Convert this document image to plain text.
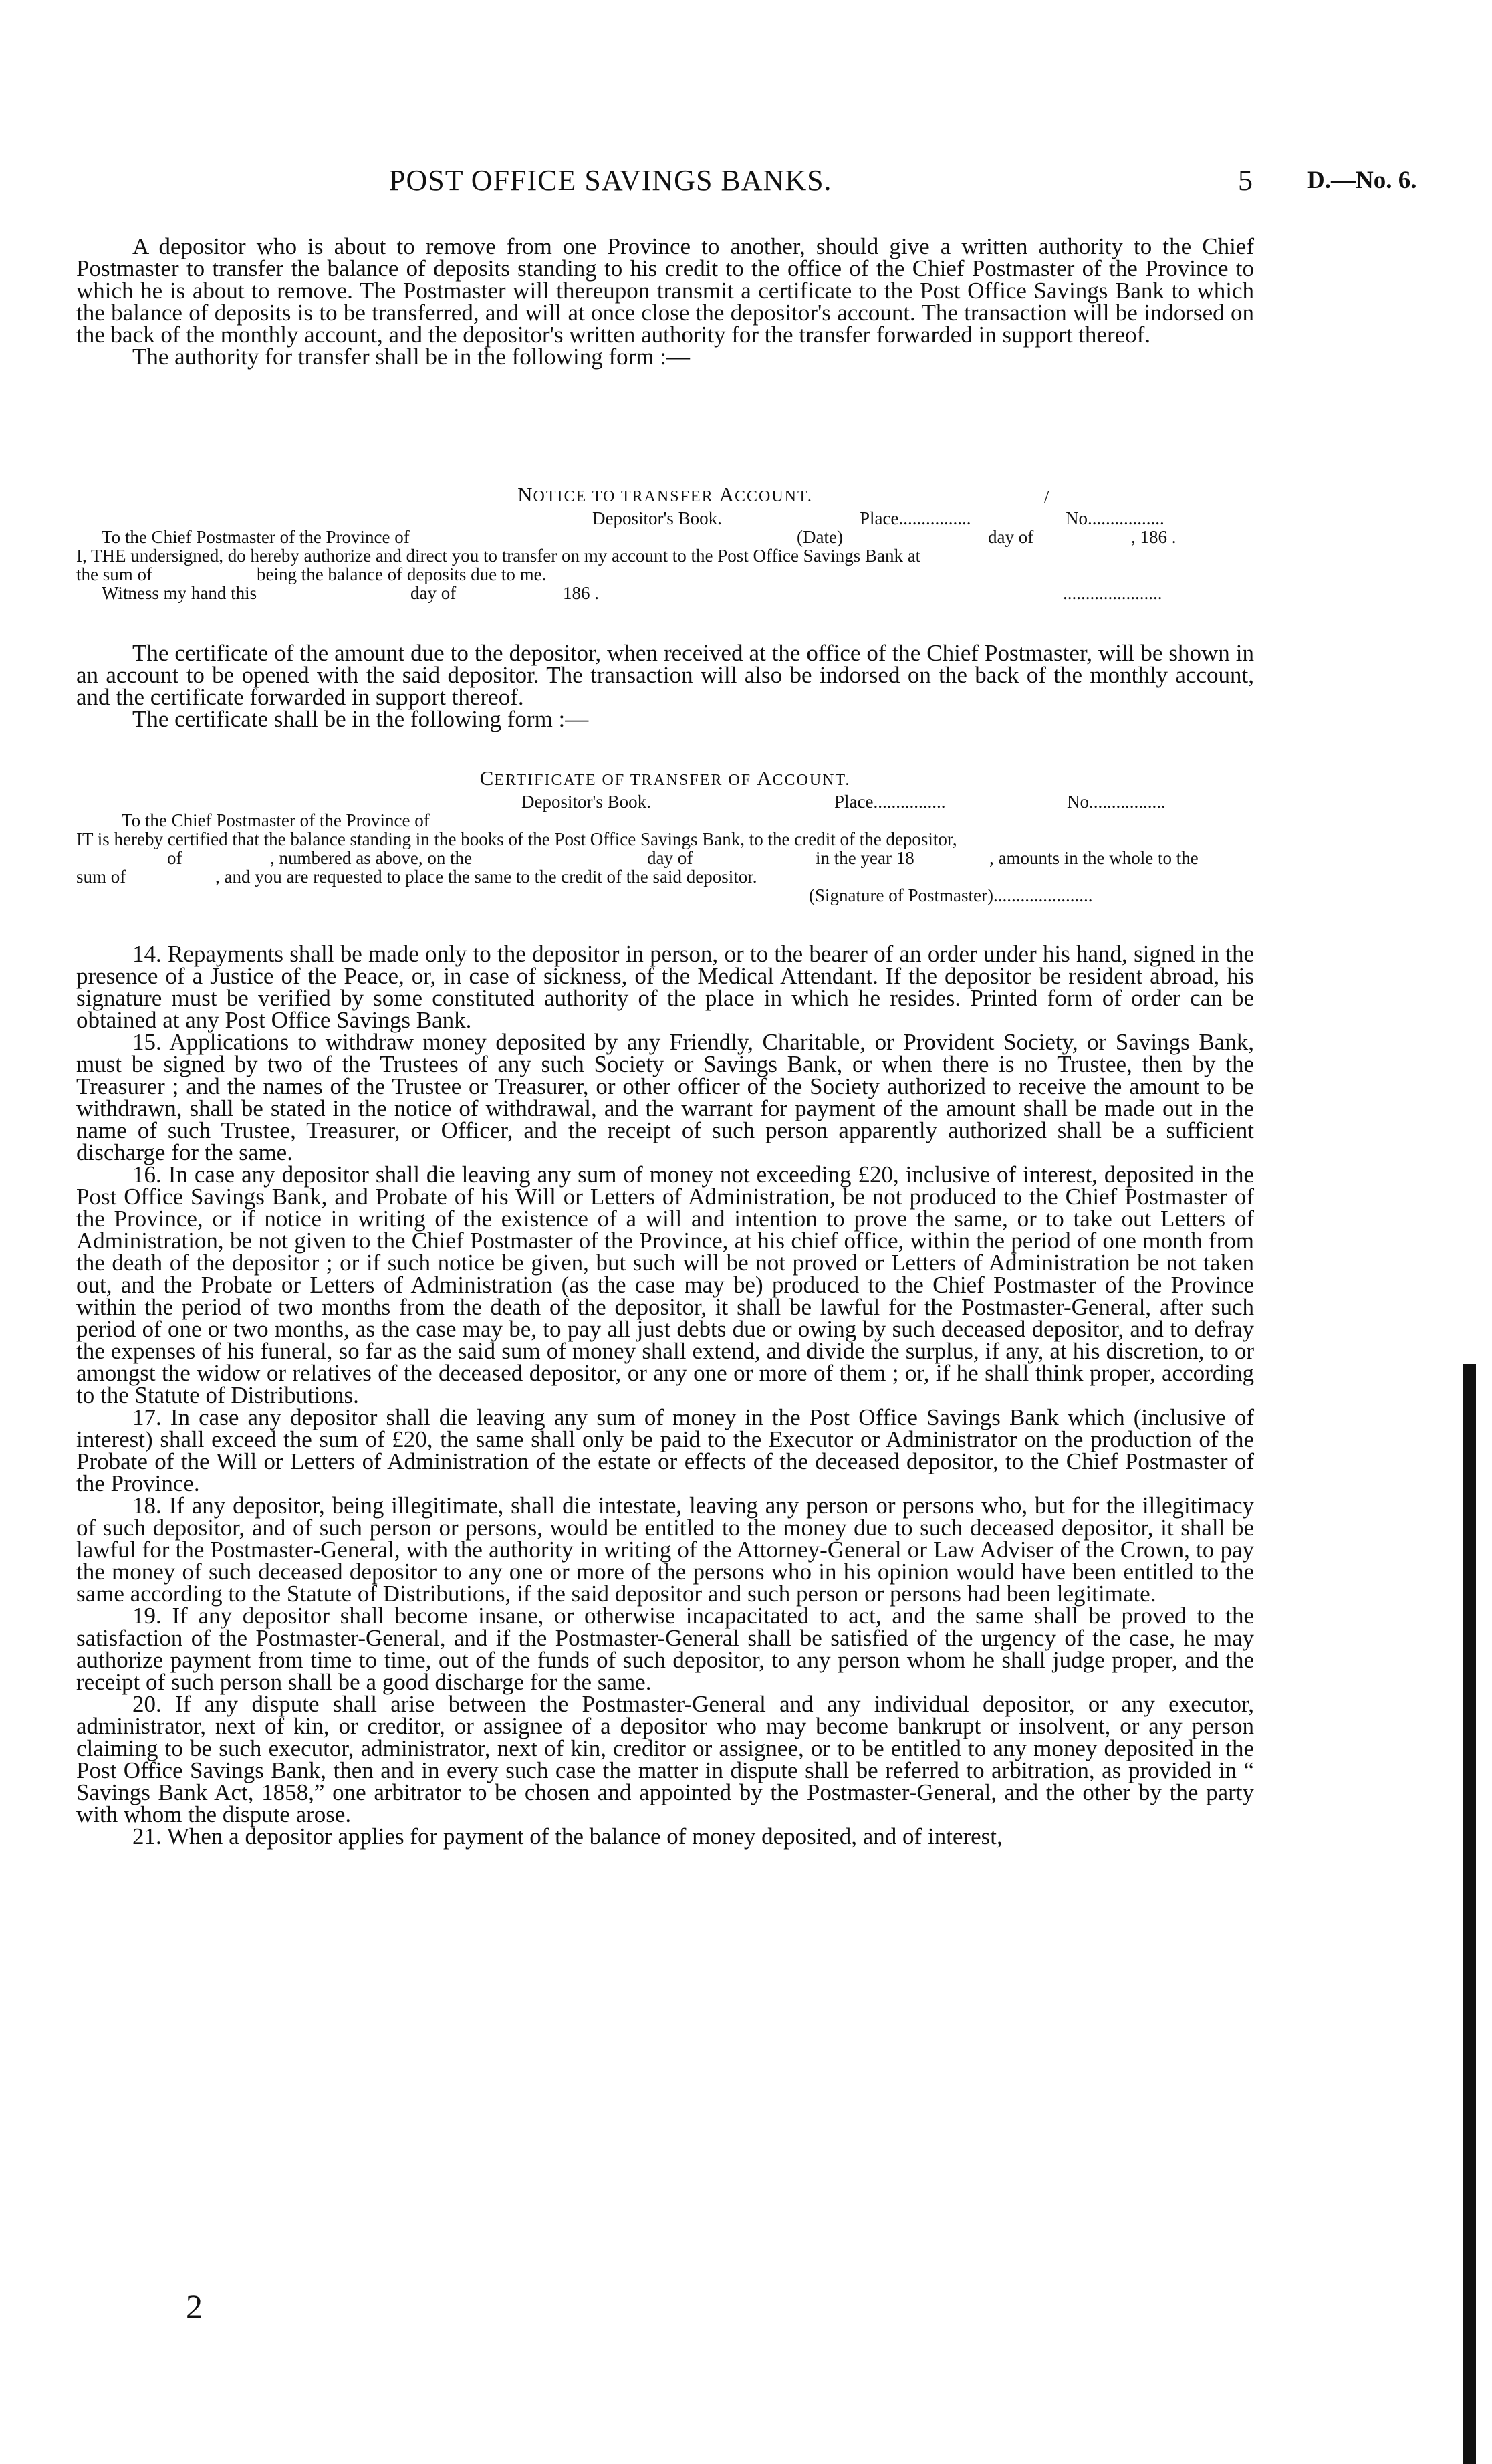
POST OFFICE SAVINGS BANKS.	5 D.—No. 6.

A depositor who is about to remove from one Province to another, should give a written authority to the Chief Postmaster to transfer the balance of deposits standing to his credit to the office of the Chief Postmaster of the Province to which he is about to remove. The Postmaster will thereupon transmit a certificate to the Post Office Savings Bank to which the balance of deposits is to be transferred, and will at once close the depositor's account. The transaction will be indorsed on the back of the monthly account, and the depositor's written authority for the transfer forwarded in support thereof.

The authority for transfer shall be in the following form :—

NOTICE TO TRANSFER ACCOUNT.
Depositor's Book.	Place................	No.................
/
To the Chief Postmaster of the Province of	(Date)	day of	, 186 .
I, THE undersigned, do hereby authorize and direct you to transfer on my account to the Post Office Savings Bank at
the sum of	being the balance of deposits due to me.
Witness my hand this	day of	186 .	......................

The certificate of the amount due to the depositor, when received at the office of the Chief Postmaster, will be shown in an account to be opened with the said depositor. The transaction will also be indorsed on the back of the monthly account, and the certificate forwarded in support thereof.

The certificate shall be in the following form :—

CERTIFICATE OF TRANSFER OF ACCOUNT.
Depositor's Book.	Place................	No.................
To the Chief Postmaster of the Province of
IT is hereby certified that the balance standing in the books of the Post Office Savings Bank, to the credit of the depositor,
of	, numbered as above, on the	day of	in the year 18	, amounts in the whole to the
sum of	, and you are requested to place the same to the credit of the said depositor.
(Signature of Postmaster)......................

14. Repayments shall be made only to the depositor in person, or to the bearer of an order under his hand, signed in the presence of a Justice of the Peace, or, in case of sickness, of the Medical Attendant. If the depositor be resident abroad, his signature must be verified by some constituted authority of the place in which he resides. Printed form of order can be obtained at any Post Office Savings Bank.

15. Applications to withdraw money deposited by any Friendly, Charitable, or Provident Society, or Savings Bank, must be signed by two of the Trustees of any such Society or Savings Bank, or when there is no Trustee, then by the Treasurer ; and the names of the Trustee or Treasurer, or other officer of the Society authorized to receive the amount to be withdrawn, shall be stated in the notice of withdrawal, and the warrant for payment of the amount shall be made out in the name of such Trustee, Treasurer, or Officer, and the receipt of such person apparently authorized shall be a sufficient discharge for the same.

16. In case any depositor shall die leaving any sum of money not exceeding £20, inclusive of interest, deposited in the Post Office Savings Bank, and Probate of his Will or Letters of Administration, be not produced to the Chief Postmaster of the Province, or if notice in writing of the existence of a will and intention to prove the same, or to take out Letters of Administration, be not given to the Chief Postmaster of the Province, at his chief office, within the period of one month from the death of the depositor ; or if such notice be given, but such will be not proved or Letters of Administration be not taken out, and the Probate or Letters of Administration (as the case may be) produced to the Chief Postmaster of the Province within the period of two months from the death of the depositor, it shall be lawful for the Postmaster-General, after such period of one or two months, as the case may be, to pay all just debts due or owing by such deceased depositor, and to defray the expenses of his funeral, so far as the said sum of money shall extend, and divide the surplus, if any, at his discretion, to or amongst the widow or relatives of the deceased depositor, or any one or more of them ; or, if he shall think proper, according to the Statute of Distributions.

17. In case any depositor shall die leaving any sum of money in the Post Office Savings Bank which (inclusive of interest) shall exceed the sum of £20, the same shall only be paid to the Executor or Administrator on the production of the Probate of the Will or Letters of Administration of the estate or effects of the deceased depositor, to the Chief Postmaster of the Province.

18. If any depositor, being illegitimate, shall die intestate, leaving any person or persons who, but for the illegitimacy of such depositor, and of such person or persons, would be entitled to the money due to such deceased depositor, it shall be lawful for the Postmaster-General, with the authority in writing of the Attorney-General or Law Adviser of the Crown, to pay the money of such deceased depositor to any one or more of the persons who in his opinion would have been entitled to the same according to the Statute of Distributions, if the said depositor and such person or persons had been legitimate.

19. If any depositor shall become insane, or otherwise incapacitated to act, and the same shall be proved to the satisfaction of the Postmaster-General, and if the Postmaster-General shall be satisfied of the urgency of the case, he may authorize payment from time to time, out of the funds of such depositor, to any person whom he shall judge proper, and the receipt of such person shall be a good discharge for the same.

20. If any dispute shall arise between the Postmaster-General and any individual depositor, or any executor, administrator, next of kin, or creditor, or assignee of a depositor who may become bankrupt or insolvent, or any person claiming to be such executor, administrator, next of kin, creditor or assignee, or to be entitled to any money deposited in the Post Office Savings Bank, then and in every such case the matter in dispute shall be referred to arbitration, as provided in “ Savings Bank Act, 1858,” one arbitrator to be chosen and appointed by the Postmaster-General, and the other by the party with whom the dispute arose.

21. When a depositor applies for payment of the balance of money deposited, and of interest,

2
